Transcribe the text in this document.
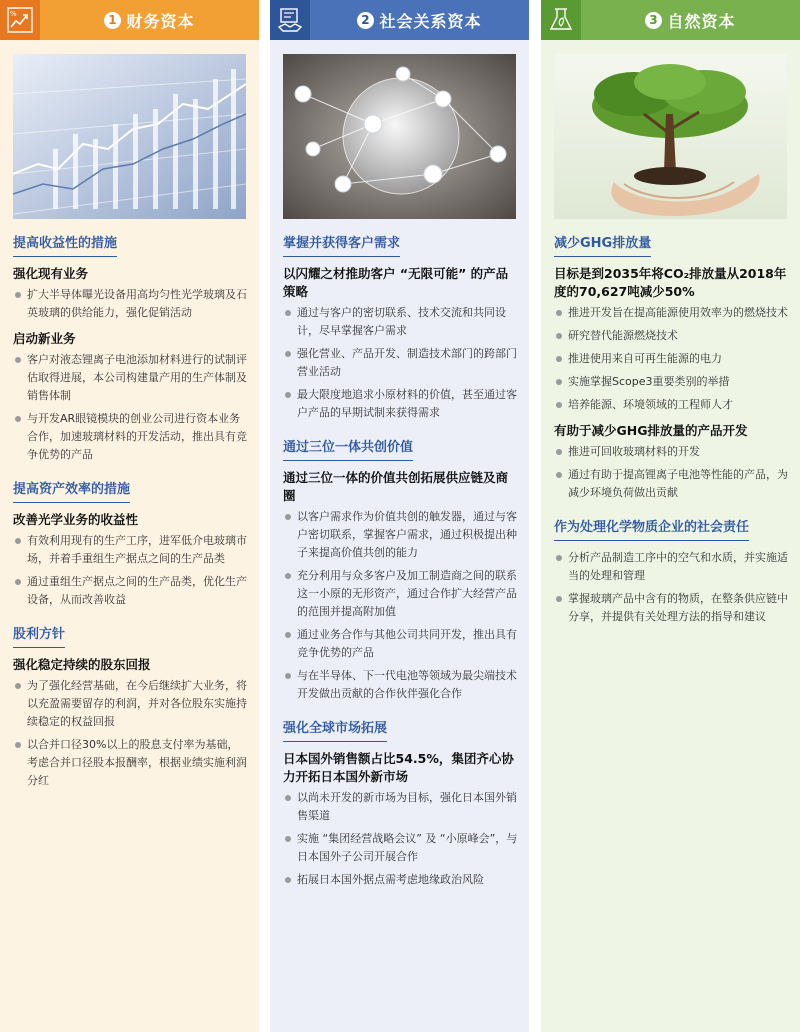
%	1 财务资本
提高收益性的措施
强化现有业务
扩大半导体曝光设备用高均匀性光学玻璃及石英玻璃的供给能力，强化促销活动
启动新业务
客户对液态锂离子电池添加材料进行的试制评估取得进展，本公司构建量产用的生产体制及销售体制
与开发AR眼镜模块的创业公司进行资本业务合作，加速玻璃材料的开发活动，推出具有竞争优势的产品
提高资产效率的措施
改善光学业务的收益性
有效利用现有的生产工序，进军低介电玻璃市场，并着手重组生产据点之间的生产品类
通过重组生产据点之间的生产品类，优化生产设备，从而改善收益
股利方针
强化稳定持续的股东回报
为了强化经营基础，在今后继续扩大业务，将以充盈需要留存的利润，并对各位股东实施持续稳定的权益回报
以合并口径30%以上的股息支付率为基础，考虑合并口径股本报酬率，根据业绩实施利润分红
2 社会关系资本
掌握并获得客户需求
以闪耀之材推助客户 “无限可能” 的产品策略
通过与客户的密切联系、技术交流和共同设计，尽早掌握客户需求
强化营业、产品开发、制造技术部门的跨部门营业活动
最大限度地追求小原材料的价值，甚至通过客户产品的早期试制来获得需求
通过三位一体共创价值
通过三位一体的价值共创拓展供应链及商圈
以客户需求作为价值共创的触发器，通过与客户密切联系，掌握客户需求，通过积极提出种子来提高价值共创的能力
充分利用与众多客户及加工制造商之间的联系这一小原的无形资产，通过合作扩大经营产品的范围并提高附加值
通过业务合作与其他公司共同开发，推出具有竞争优势的产品
与在半导体、下一代电池等领域为最尖端技术开发做出贡献的合作伙伴强化合作
强化全球市场拓展
日本国外销售额占比54.5%，集团齐心协力开拓日本国外新市场
以尚未开发的新市场为目标，强化日本国外销售渠道
实施 “集团经营战略会议” 及 “小原峰会”，与日本国外子公司开展合作
拓展日本国外据点需考虑地缘政治风险
3 自然资本
减少GHG排放量
目标是到2035年将CO₂排放量从2018年度的70,627吨减少50%
推进开发旨在提高能源使用效率为的燃烧技术
研究替代能源燃烧技术
推进使用来自可再生能源的电力
实施掌握Scope3重要类别的举措
培养能源、环境领域的工程师人才
有助于减少GHG排放量的产品开发
推进可回收玻璃材料的开发
通过有助于提高锂离子电池等性能的产品，为减少环境负荷做出贡献
作为处理化学物质企业的社会责任
分析产品制造工序中的空气和水质，并实施适当的处理和管理
掌握玻璃产品中含有的物质，在整条供应链中分享，并提供有关处理方法的指导和建议
